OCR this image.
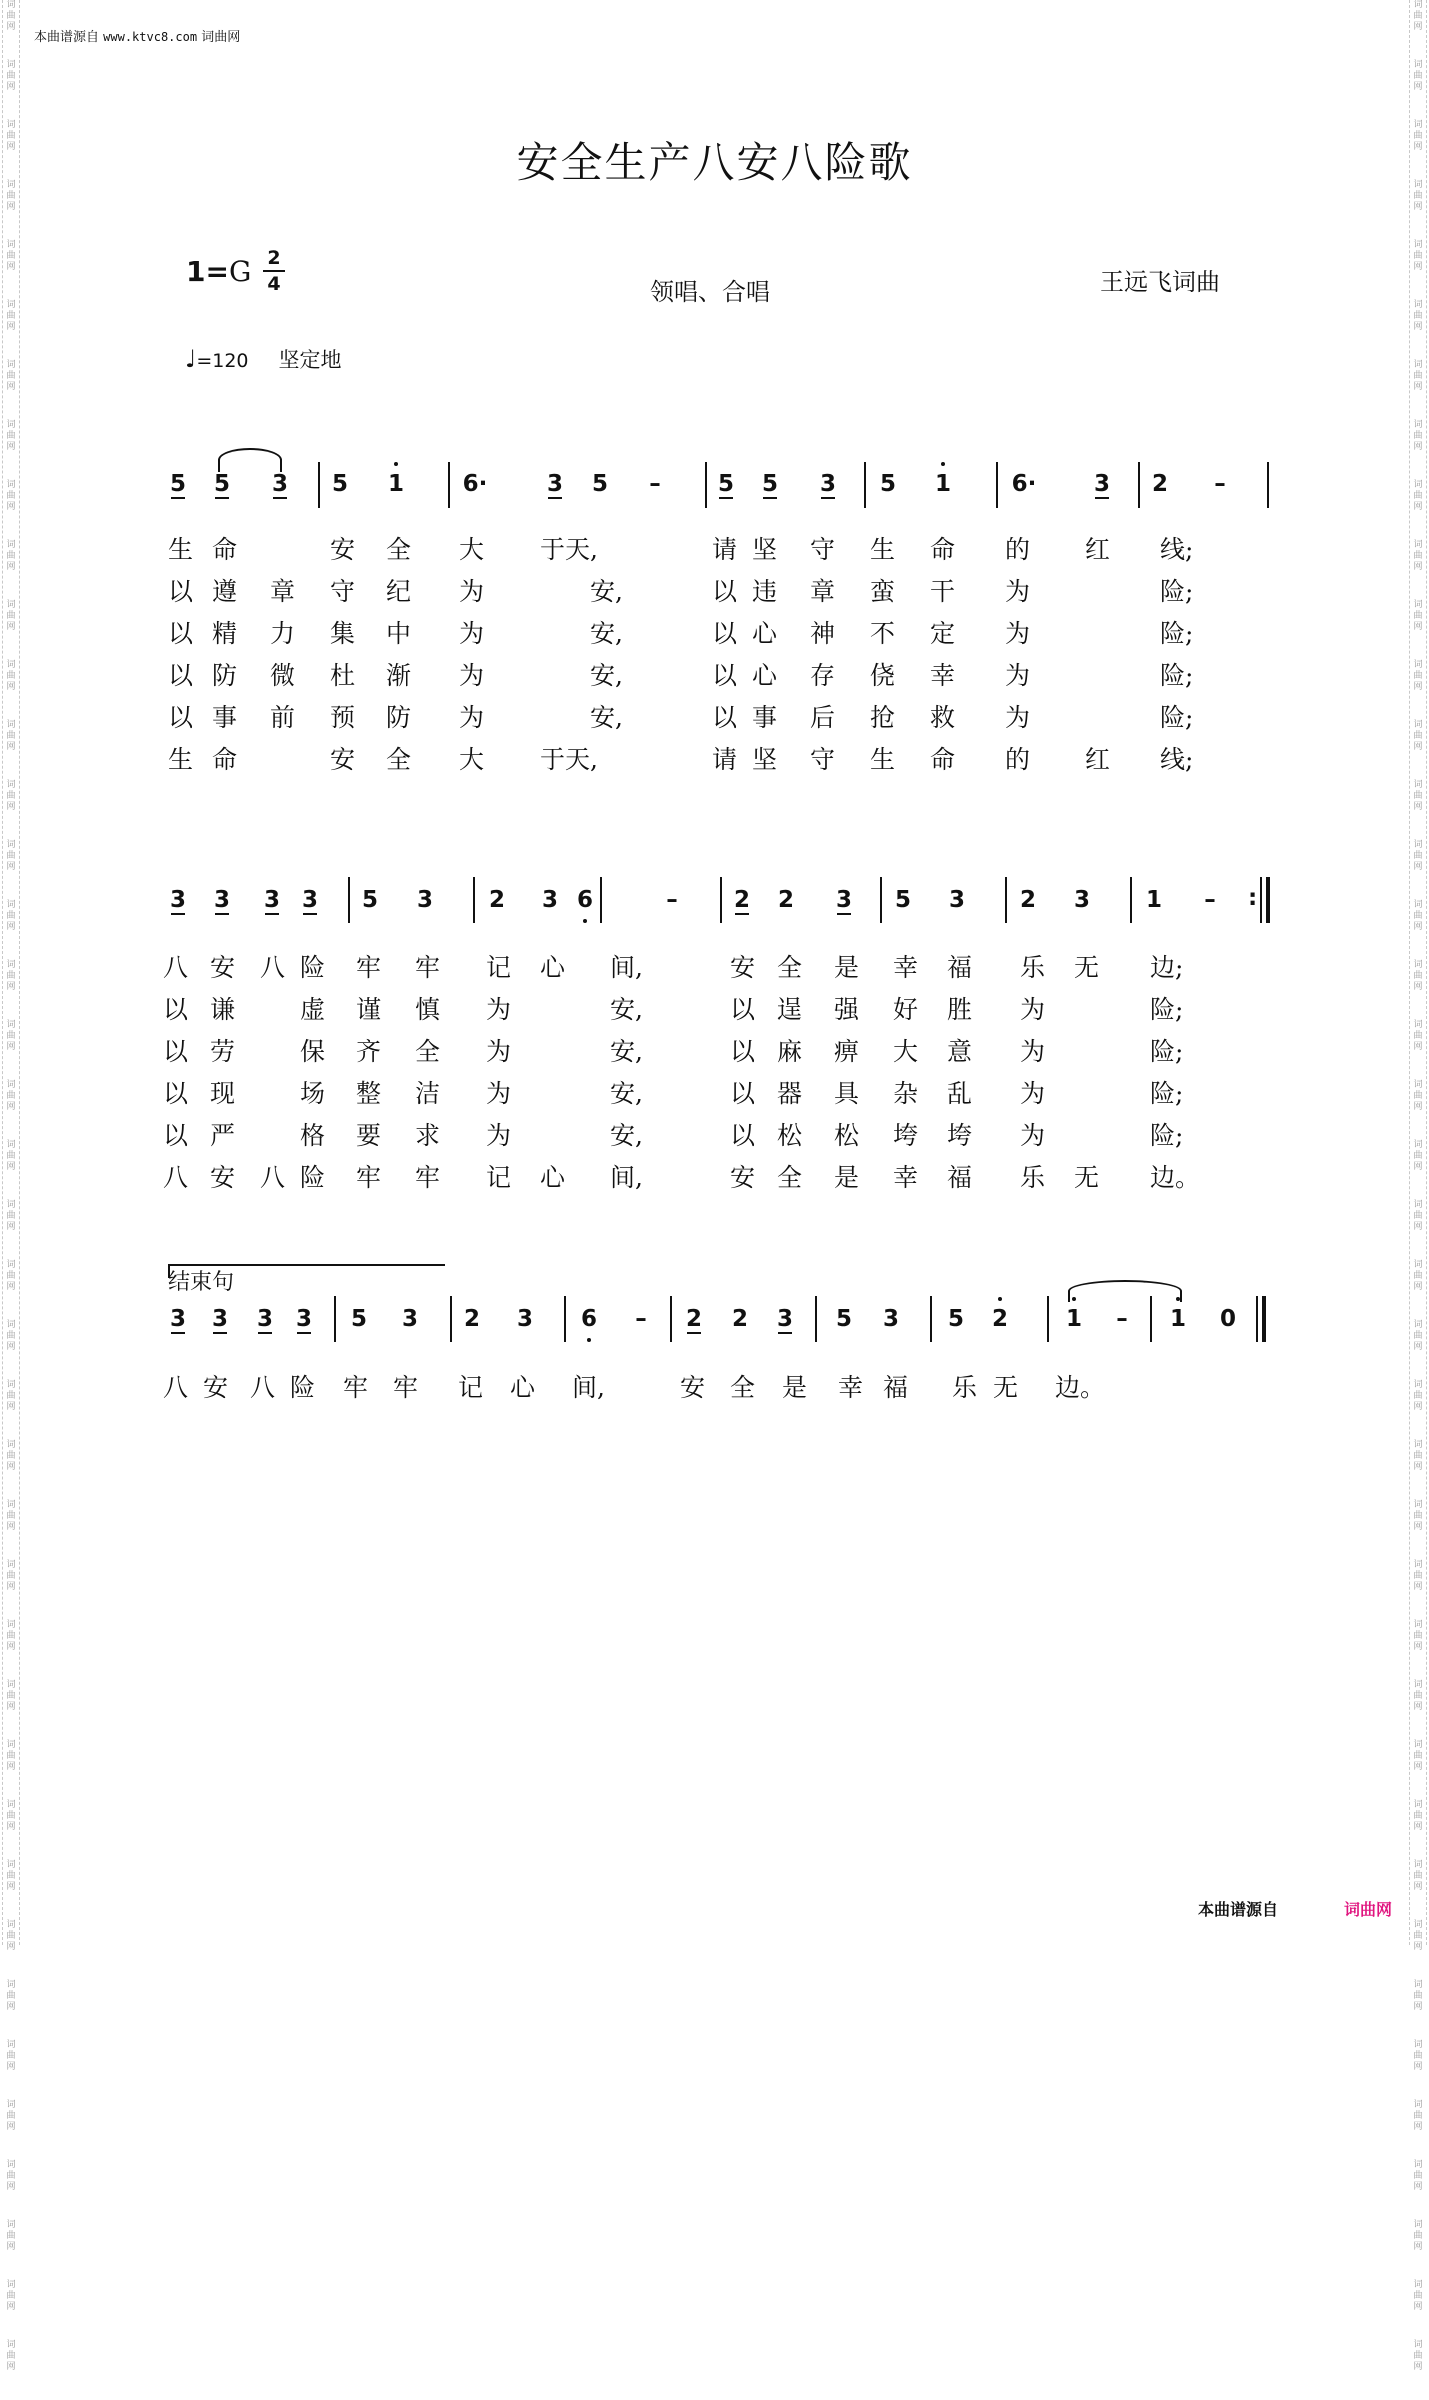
词
曲
网
词
曲
网
词
曲
网
词
曲
网
词
曲
网
词
曲
网
词
曲
网
词
曲
网
词
曲
网
词
曲
网
词
曲
网
词
曲
网
词
曲
网
词
曲
网
词
曲
网
词
曲
网
词
曲
网
词
曲
网
词
曲
网
词
曲
网
词
曲
网
词
曲
网
词
曲
网
词
曲
网
词
曲
网
词
曲
网
词
曲
网
词
曲
网
词
曲
网
词
曲
网
词
曲
网
词
曲
网
词
曲
网
词
曲
网
词
曲
网
词
曲
网
词
曲
网
词
曲
网
词
曲
网
词
曲
网
词
曲
网
词
曲
网
词
曲
网
词
曲
网
词
曲
网
词
曲
网
词
曲
网
词
曲
网
词
曲
网
词
曲
网
词
曲
网
词
曲
网
词
曲
网
词
曲
网
词
曲
网
词
曲
网
词
曲
网
词
曲
网
词
曲
网
词
曲
网
词
曲
网
词
曲
网
词
曲
网
词
曲
网
词
曲
网
词
曲
网
词
曲
网
词
曲
网
词
曲
网
词
曲
网
词
曲
网
词
曲
网
词
曲
网
词
曲
网
词
曲
网
词
曲
网
词
曲
网
词
曲
网
词
曲
网
词
曲
网
本曲谱源自 www.ktvc8.com 词曲网
安全生产八安八险歌
1=G 2
4	领唱、合唱	王远飞词曲
♩=120 坚定地
5 5 3 5 1	6·	3 5 – 5 5 3 5 1	6·	3 2 –
生 命	安 全 大 于天,	请 坚 守 生 命 的 红 线;
以 遵 章 守 纪 为	安,	以 违 章 蛮 干 为	险;
以 精 力 集 中 为	安,	以 心 神 不 定 为	险;
以 防 微 杜 渐 为	安,	以 心 存 侥 幸 为	险;
以 事 前 预 防 为	安,	以 事 后 抢 救 为	险;
生 命	安 全 大 于天,	请 坚 守 生 命 的 红 线;
3 3 3 3 5 3 2 3 6	– 2 2 3 5 3 2 3 1 – :
八 安 八 险 牢 牢 记 心 间,	安 全 是 幸 福 乐 无 边;
以 谦	虚 谨 慎 为	安,	以 逞 强 好 胜 为	险;
以 劳	保 齐 全 为	安,	以 麻 痹 大 意 为	险;
以 现	场 整 洁 为	安,	以 器 具 杂 乱 为	险;
以 严	格 要 求 为	安,	以 松 松 垮 垮 为	险;
八 安 八 险 牢 牢 记 心 间,	安 全 是 幸 福 乐 无 边。
结束句
3 3 3 3 5 3 2 3 6 – 2 2 3 5 3 5 2	1 – 1 0
八 安 八 险 牢 牢 记 心 间,	安 全 是 幸 福 乐 无 边。
本曲谱源自	词曲网
